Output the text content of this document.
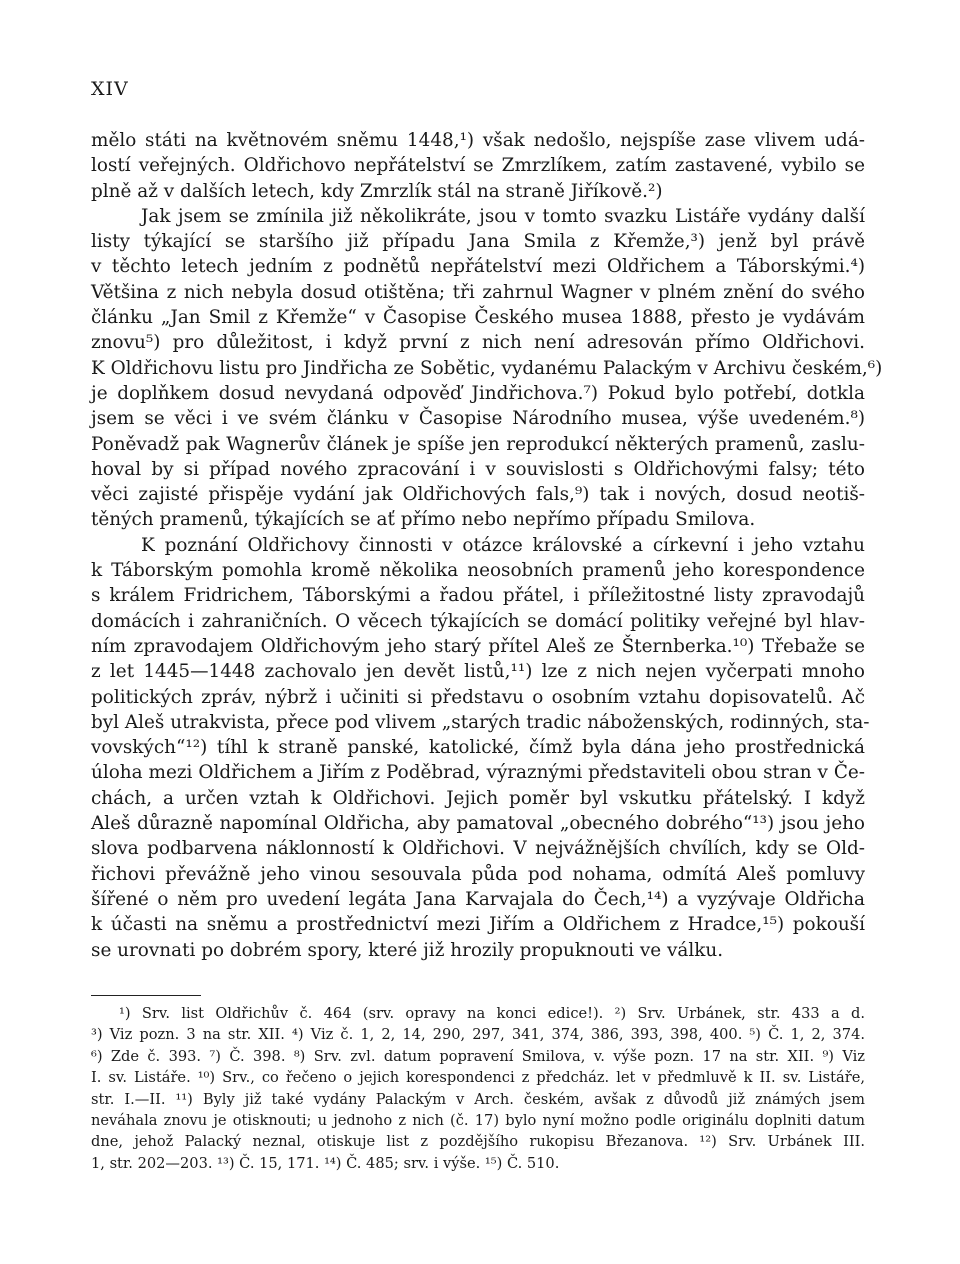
XIV
mělo státi na květnovém sněmu 1448,¹) však nedošlo, nejspíše zase vlivem udá-
lostí veřejných. Oldřichovo nepřátelství se Zmrzlíkem, zatím zastavené, vybilo se
plně až v dalších letech, kdy Zmrzlík stál na straně Jiříkově.²)
Jak jsem se zmínila již několikráte, jsou v tomto svazku Listáře vydány další
listy týkající se staršího již případu Jana Smila z Křemže,³) jenž byl právě
v těchto letech jedním z podnětů nepřátelství mezi Oldřichem a Táborskými.⁴)
Většina z nich nebyla dosud otištěna; tři zahrnul Wagner v plném znění do svého
článku „Jan Smil z Křemže“ v Časopise Českého musea 1888, přesto je vydávám
znovu⁵) pro důležitost, i když první z nich není adresován přímo Oldřichovi.
K Oldřichovu listu pro Jindřicha ze Sobětic, vydanému Palackým v Archivu českém,⁶)
je doplňkem dosud nevydaná odpověď Jindřichova.⁷) Pokud bylo potřebí, dotkla
jsem se věci i ve svém článku v Časopise Národního musea, výše uvedeném.⁸)
Poněvadž pak Wagnerův článek je spíše jen reprodukcí některých pramenů, zaslu-
hoval by si případ nového zpracování i v souvislosti s Oldřichovými falsy; této
věci zajisté přispěje vydání jak Oldřichových fals,⁹) tak i nových, dosud neotiš-
těných pramenů, týkajících se ať přímo nebo nepřímo případu Smilova.
K poznání Oldřichovy činnosti v otázce královské a církevní i jeho vztahu
k Táborským pomohla kromě několika neosobních pramenů jeho korespondence
s králem Fridrichem, Táborskými a řadou přátel, i příležitostné listy zpravodajů
domácích i zahraničních. O věcech týkajících se domácí politiky veřejné byl hlav-
ním zpravodajem Oldřichovým jeho starý přítel Aleš ze Šternberka.¹⁰) Třebaže se
z let 1445—1448 zachovalo jen devět listů,¹¹) lze z nich nejen vyčerpati mnoho
politických zpráv, nýbrž i učiniti si představu o osobním vztahu dopisovatelů. Ač
byl Aleš utrakvista, přece pod vlivem „starých tradic náboženských, rodinných, sta-
vovských“¹²) tíhl k straně panské, katolické, čímž byla dána jeho prostřednická
úloha mezi Oldřichem a Jiřím z Poděbrad, výraznými představiteli obou stran v Če-
chách, a určen vztah k Oldřichovi. Jejich poměr byl vskutku přátelský. I když
Aleš důrazně napomínal Oldřicha, aby pamatoval „obecného dobrého“¹³) jsou jeho
slova podbarvena náklonností k Oldřichovi. V nejvážnějších chvílích, kdy se Old-
řichovi převážně jeho vinou sesouvala půda pod nohama, odmítá Aleš pomluvy
šířené o něm pro uvedení legáta Jana Karvajala do Čech,¹⁴) a vyzývaje Oldřicha
k účasti na sněmu a prostřednictví mezi Jiřím a Oldřichem z Hradce,¹⁵) pokouší
se urovnati po dobrém spory, které již hrozily propuknouti ve válku.
¹) Srv. list Oldřichův č. 464 (srv. opravy na konci edice!). ²) Srv. Urbánek, str. 433 a d.
³) Viz pozn. 3 na str. XII. ⁴) Viz č. 1, 2, 14, 290, 297, 341, 374, 386, 393, 398, 400. ⁵) Č. 1, 2, 374.
⁶) Zde č. 393. ⁷) Č. 398. ⁸) Srv. zvl. datum popravení Smilova, v. výše pozn. 17 na str. XII. ⁹) Viz
I. sv. Listáře. ¹⁰) Srv., co řečeno o jejich korespondenci z předcház. let v předmluvě k II. sv. Listáře,
str. I.—II. ¹¹) Byly již také vydány Palackým v Arch. českém, avšak z důvodů již známých jsem
neváhala znovu je otisknouti; u jednoho z nich (č. 17) bylo nyní možno podle originálu doplniti datum
dne, jehož Palacký neznal, otiskuje list z pozdějšího rukopisu Březanova. ¹²) Srv. Urbánek III.
1, str. 202—203. ¹³) Č. 15, 171. ¹⁴) Č. 485; srv. i výše. ¹⁵) Č. 510.
